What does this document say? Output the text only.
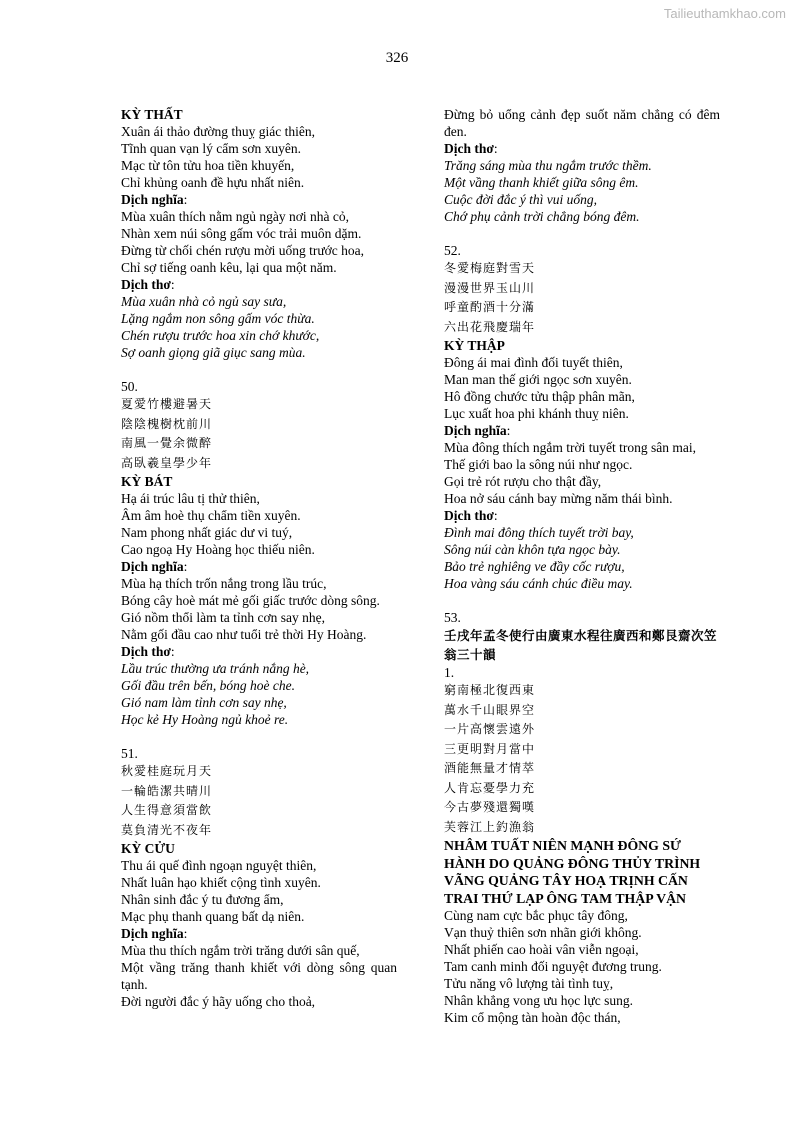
Tailieuthamkhao.com
326
KỲ THẤT
Xuân ái thảo đường thuỵ giác thiên,
Tĩnh quan vạn lý cẩm sơn xuyên.
Mạc từ tôn tửu hoa tiền khuyến,
Chỉ khủng oanh đề hựu nhất niên.
Dịch nghĩa:
Mùa xuân thích nằm ngủ ngày nơi nhà cỏ,
Nhàn xem núi sông gấm vóc trải muôn dặm.
Đừng từ chối chén rượu mời uống trước hoa,
Chỉ sợ tiếng oanh kêu, lại qua một năm.
Dịch thơ:
Mùa xuân nhà cỏ ngủ say sưa,
Lặng ngắm non sông gấm vóc thừa.
Chén rượu trước hoa xin chớ khước,
Sợ oanh giọng giã giục sang mùa.
50.
夏愛竹樓避暑天
陰陰槐樹枕前川
南風一覺余微醉
高臥羲皇學少年
KỲ BÁT
Hạ ái trúc lâu tị thử thiên,
Âm âm hoè thụ chẩm tiền xuyên.
Nam phong nhất giác dư vi tuý,
Cao ngoạ Hy Hoàng học thiếu niên.
Dịch nghĩa:
Mùa hạ thích trốn nắng trong lầu trúc,
Bóng cây hoè mát mẻ gối giấc trước dòng sông.
Gió nồm thổi làm ta tỉnh cơn say nhẹ,
Nằm gối đầu cao như tuổi trẻ thời Hy Hoàng.
Dịch thơ:
Lầu trúc thường ưa tránh nắng hè,
Gối đầu trên bến, bóng hoè che.
Gió nam làm tỉnh cơn say nhẹ,
Học kẻ Hy Hoàng ngủ khoẻ re.
51.
秋愛桂庭玩月天
一輪皓潔共晴川
人生得意須當飲
莫負清光不夜年
KỲ CỬU
Thu ái quế đình ngoạn nguyệt thiên,
Nhất luân hạo khiết cộng tình xuyên.
Nhân sinh đắc ý tu đương ẩm,
Mạc phụ thanh quang bất dạ niên.
Dịch nghĩa:
Mùa thu thích ngắm trời trăng dưới sân quế,
Một vầng trăng thanh khiết với dòng sông quan tạnh.
Đời người đắc ý hãy uống cho thoả,
Đừng bỏ uổng cảnh đẹp suốt năm chẳng có đêm đen.
Dịch thơ:
Trăng sáng mùa thu ngắm trước thềm.
Một vầng thanh khiết giữa sông êm.
Cuộc đời đắc ý thì vui uống,
Chớ phụ cảnh trời chẳng bóng đêm.
52.
冬愛梅庭對雪天
漫漫世界玉山川
呼童酌酒十分滿
六出花飛慶瑞年
KỲ THẬP
Đông ái mai đình đối tuyết thiên,
Man man thế giới ngọc sơn xuyên.
Hô đồng chước tửu thập phân mãn,
Lục xuất hoa phi khánh thuỵ niên.
Dịch nghĩa:
Mùa đông thích ngắm trời tuyết trong sân mai,
Thế giới bao la sông núi như ngọc.
Gọi trẻ rót rượu cho thật đầy,
Hoa nở sáu cánh bay mừng năm thái bình.
Dịch thơ:
Đình mai đông thích tuyết trời bay,
Sông núi càn khôn tựa ngọc bày.
Bảo trẻ nghiêng ve đầy cốc rượu,
Hoa vàng sáu cánh chúc điều may.
53.
壬戌年孟冬使行由廣東水程往廣西和鄭艮齋次笠翁三十韻
1.
窮南極北復西東
萬水千山眼界空
一片高懷雲遠外
三更明對月當中
酒能無量才情萃
人肯忘憂學力充
今古夢殘還獨嘆
芙蓉江上釣漁翁
NHÂM TUẤT NIÊN MẠNH ĐÔNG SỨ HÀNH DO QUẢNG ĐÔNG THỦY TRÌNH VÃNG QUẢNG TÂY HOẠ TRỊNH CẤN TRAI THỨ LẠP ÔNG TAM THẬP VẬN
Cùng nam cực bắc phục tây đông,
Vạn thuỷ thiên sơn nhãn giới không.
Nhất phiến cao hoài vân viễn ngoại,
Tam canh minh đối nguyệt đương trung.
Tửu năng vô lượng tài tình tuỵ,
Nhân khẳng vong ưu học lực sung.
Kim cổ mộng tàn hoàn độc thán,
